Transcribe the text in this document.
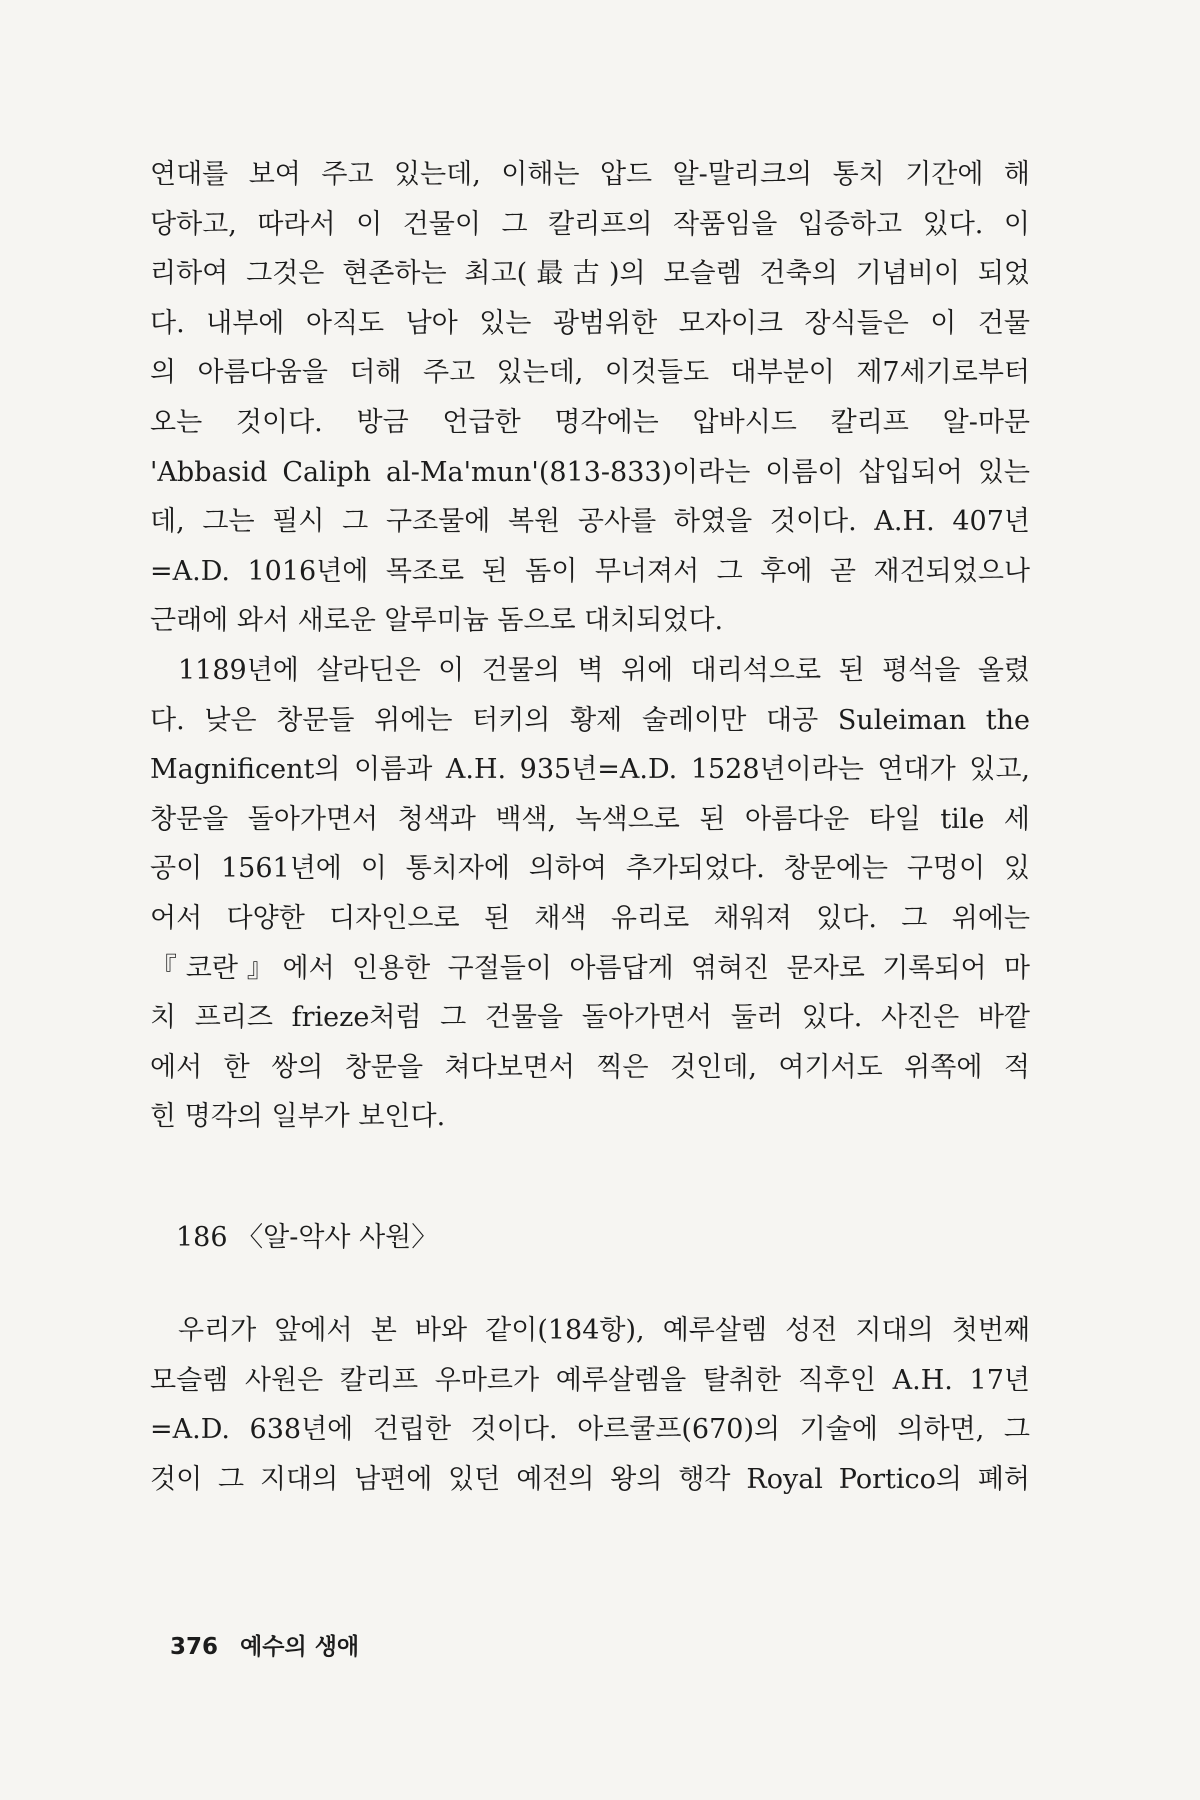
연대를 보여 주고 있는데, 이해는 압드 알-말리크의 통치 기간에 해
당하고, 따라서 이 건물이 그 칼리프의 작품임을 입증하고 있다. 이
리하여 그것은 현존하는 최고(最古)의 모슬렘 건축의 기념비이 되었
다. 내부에 아직도 남아 있는 광범위한 모자이크 장식들은 이 건물
의 아름다움을 더해 주고 있는데, 이것들도 대부분이 제7세기로부터
오는 것이다. 방금 언급한 명각에는 압바시드 칼리프 알-마문
'Abbasid Caliph al-Ma'mun'(813-833)이라는 이름이 삽입되어 있는
데, 그는 필시 그 구조물에 복원 공사를 하였을 것이다. A.H. 407년
=A.D. 1016년에 목조로 된 돔이 무너져서 그 후에 곧 재건되었으나
근래에 와서 새로운 알루미늄 돔으로 대치되었다.
1189년에 살라딘은 이 건물의 벽 위에 대리석으로 된 평석을 올렸
다. 낮은 창문들 위에는 터키의 황제 술레이만 대공 Suleiman the
Magnificent의 이름과 A.H. 935년=A.D. 1528년이라는 연대가 있고,
창문을 돌아가면서 청색과 백색, 녹색으로 된 아름다운 타일 tile 세
공이 1561년에 이 통치자에 의하여 추가되었다. 창문에는 구멍이 있
어서 다양한 디자인으로 된 채색 유리로 채워져 있다. 그 위에는
『코란』에서 인용한 구절들이 아름답게 엮혀진 문자로 기록되어 마
치 프리즈 frieze처럼 그 건물을 돌아가면서 둘러 있다. 사진은 바깥
에서 한 쌍의 창문을 쳐다보면서 찍은 것인데, 여기서도 위쪽에 적
힌 명각의 일부가 보인다.
186 〈알-악사 사원〉
우리가 앞에서 본 바와 같이(184항), 예루살렘 성전 지대의 첫번째
모슬렘 사원은 칼리프 우마르가 예루살렘을 탈취한 직후인 A.H. 17년
=A.D. 638년에 건립한 것이다. 아르쿨프(670)의 기술에 의하면, 그
것이 그 지대의 남편에 있던 예전의 왕의 행각 Royal Portico의 폐허
376 예수의 생애
